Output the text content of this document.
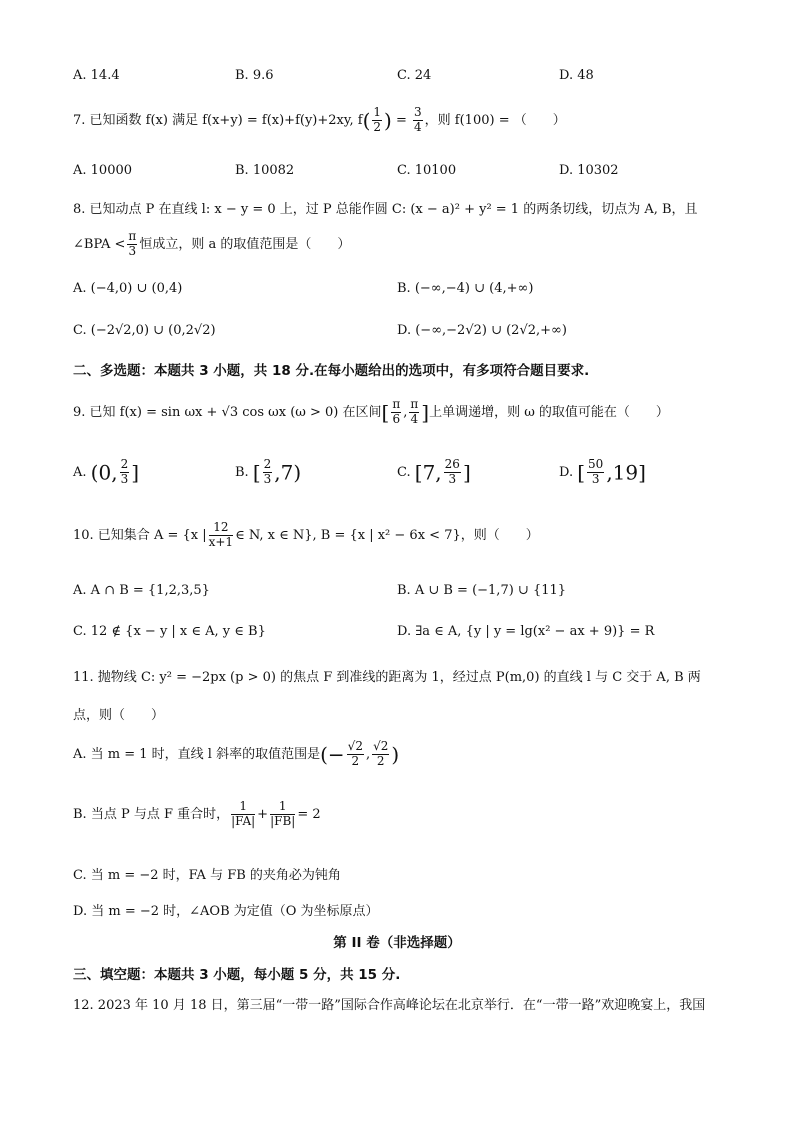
A. 14.4	B. 9.6	C. 24	D. 48
7. 已知函数 f(x) 满足 f(x+y) = f(x)+f(y)+2xy, $f( \frac{1}{2}$ ) = $\frac{3}{4}$ ，则 f(100) = （　　）
A. 10000	B. 10082	C. 10100	D. 10302
8. 已知动点 P 在直线 l: x − y = 0 上，过 P 总能作圆 C: (x − a)² + y² = 1 的两条切线，切点为 A, B，且
∠BPA < $\frac{\pi}{3}$ 恒成立，则 a 的取值范围是（　　）
A. (−4,0) ∪ (0,4)	B. (−∞,−4) ∪ (4,+∞)
C. (−2√2,0) ∪ (0,2√2)	D. (−∞,−2√2) ∪ (2√2,+∞)
二、多选题：本题共 3 小题，共 18 分.在每小题给出的选项中，有多项符合题目要求.
9. 已知 f(x) = sin ωx + √3 cos ωx (ω > 0) 在区间[ $\frac{\pi}{6}$ , $\frac{\pi}{4}$ ]上单调递增，则 ω 的取值可能在（　　）
A. (0, $\frac{2}{3}$ ]	B. [ $\frac{2}{3} ,7$)	C. [7, $\frac{26}{3}$ ]	D. [ $\frac{50}{3} ,19$]
10. 已知集合 A = {x | $\frac{12}{x+1}$ ∈ N, x ∈ N}, B = {x | x² − 6x < 7}，则（　　）
A. A ∩ B = {1,2,3,5}	B. A ∪ B = (−1,7) ∪ {11}
C. 12 ∉ {x − y | x ∈ A, y ∈ B}	D. ∃a ∈ A, {y | y = lg(x² − ax + 9)} = R
11. 抛物线 C: y² = −2px (p > 0) 的焦点 F 到准线的距离为 1，经过点 P(m,0) 的直线 l 与 C 交于 A, B 两
点，则（　　）
A. 当 m = 1 时，直线 l 斜率的取值范围是(− $\frac{√2}{2}$ , $\frac{√2}{2}$ )
B. 当点 P 与点 F 重合时， $\frac{1}{|FA|} + \frac{1}{|FB|} = 2$
C. 当 m = −2 时，FA 与 FB 的夹角必为钝角
D. 当 m = −2 时，∠AOB 为定值（O 为坐标原点）
第 II 卷（非选择题）
三、填空题：本题共 3 小题，每小题 5 分，共 15 分.
12. 2023 年 10 月 18 日，第三届“一带一路”国际合作高峰论坛在北京举行．在“一带一路”欢迎晚宴上，我国
